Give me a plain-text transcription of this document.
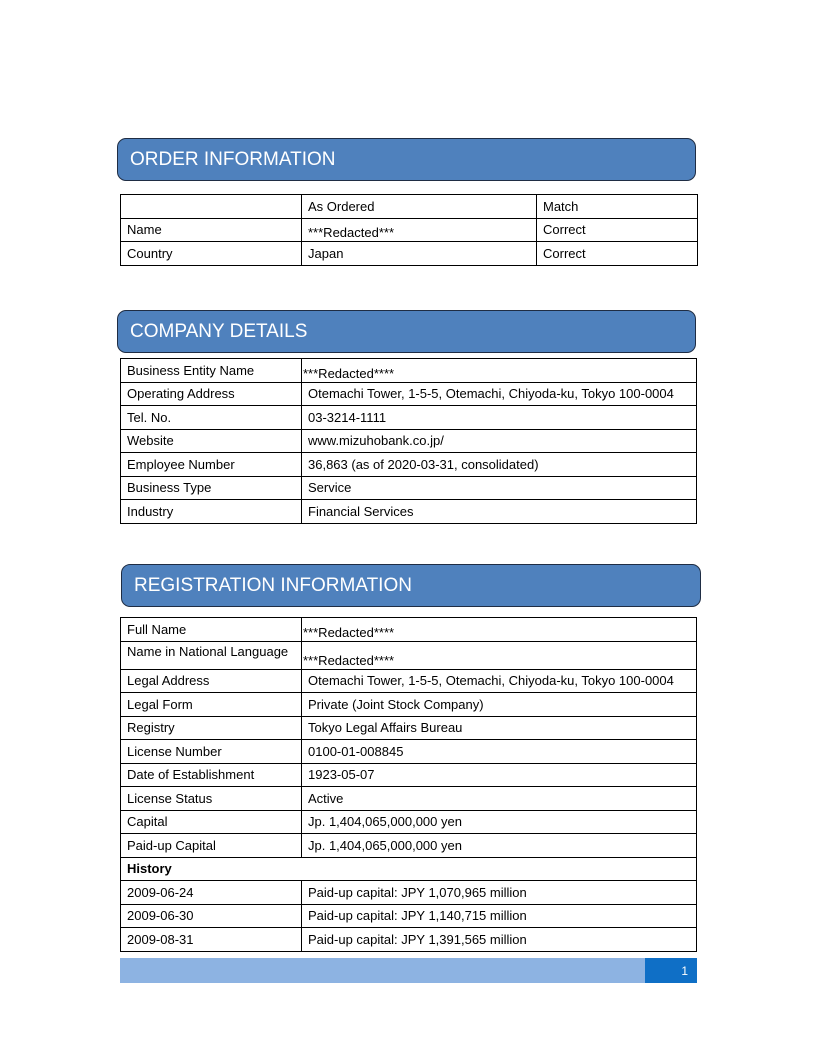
ORDER INFORMATION
	As Ordered	Match
Name	***Redacted***	Correct
Country	Japan	Correct
COMPANY DETAILS
Business Entity Name	***Redacted****
Operating Address	Otemachi Tower, 1-5-5, Otemachi, Chiyoda-ku, Tokyo 100-0004
Tel. No.	03-3214-1111
Website	www.mizuhobank.co.jp/
Employee Number	36,863 (as of 2020-03-31, consolidated)
Business Type	Service
Industry	Financial Services
REGISTRATION INFORMATION
Full Name	***Redacted****
Name in National Language	***Redacted****
Legal Address	Otemachi Tower, 1-5-5, Otemachi, Chiyoda-ku, Tokyo 100-0004
Legal Form	Private (Joint Stock Company)
Registry	Tokyo Legal Affairs Bureau
License Number	0100-01-008845
Date of Establishment	1923-05-07
License Status	Active
Capital	Jp. 1,404,065,000,000 yen
Paid-up Capital	Jp. 1,404,065,000,000 yen
History	
2009-06-24	Paid-up capital: JPY 1,070,965 million
2009-06-30	Paid-up capital: JPY 1,140,715 million
2009-08-31	Paid-up capital: JPY 1,391,565 million
1
